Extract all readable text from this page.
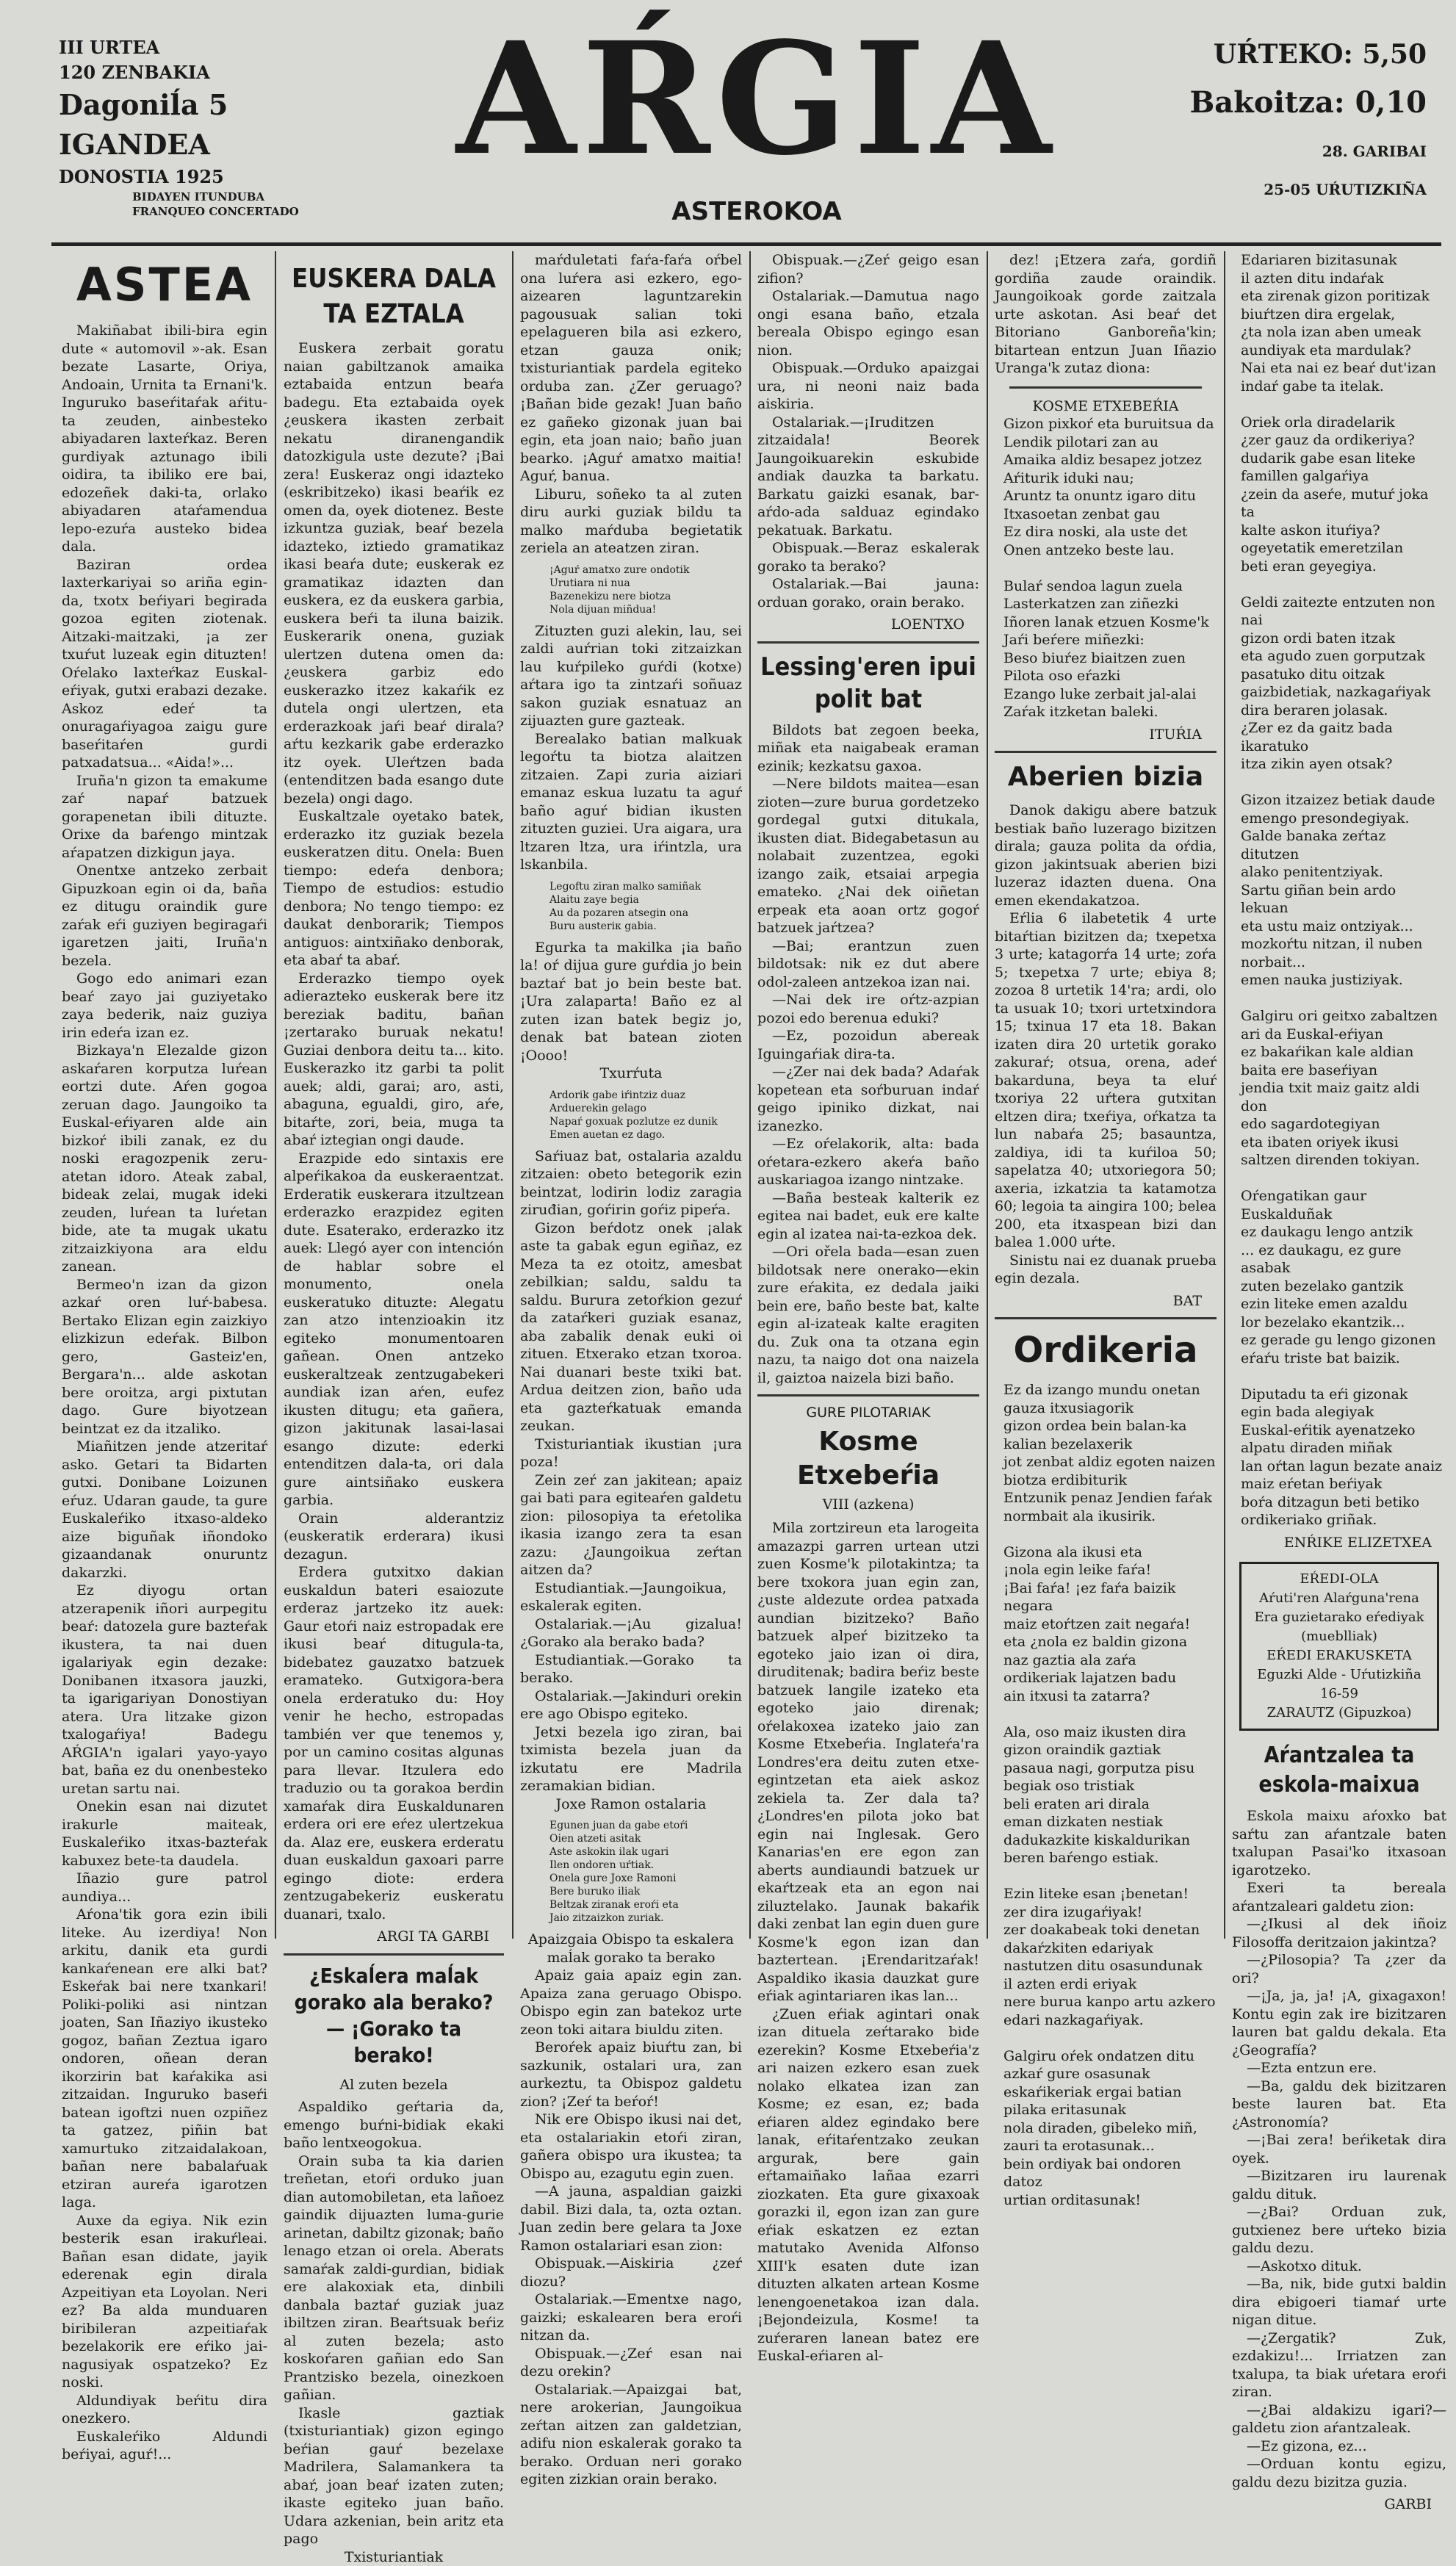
III URTEA
120 ZENBAKIA
Dagoniĺa 5
IGANDEA
DONOSTIA 1925
BIDAYEN ITUNDUBA
FRANQUEO CONCERTADO
AŔGIA
ASTEROKOA
UŔTEKO: 5,50
Bakoitza: 0,10
28. GARIBAI
25-05 UŔUTIZKIÑA
ASTEA

Makiñabat ibili-bira egin dute « automovil »-ak. Esan bezate Lasarte, Oriya, Andoain, Urnita ta Ernani'k. Inguruko baseŕitaŕak aŕitu-ta zeuden, ainbesteko abiyadaren laxteŕkaz. Beren gurdiyak aztunago ibili oidira, ta ibiliko ere bai, edozeñek daki-ta, orlako abiyadaren ataŕamendua lepo-ezuŕa austeko bidea dala.

Baziran ordea laxterkariyai so ariña egin-da, txotx beŕiyari begirada gozoa egiten ziotenak. Aitzaki-maitzaki, ¡a zer txuŕut luzeak egin dituzten! Oŕelako laxteŕkaz Euskal-eŕiyak, gutxi erabazi dezake. Askoz edeŕ ta onuragaŕiyagoa zaigu gure baseŕitaŕen gurdi patxadatsua... «Aida!»...

Iruña'n gizon ta emakume zaŕ napaŕ batzuek gorapenetan ibili dituzte. Orixe da baŕengo mintzak aŕapatzen dizkigun jaya.

Onentxe antzeko zerbait Gipuzkoan egin oi da, baña ez ditugu oraindik gure zaŕak eŕi guziyen begiragaŕi igaretzen jaiti, Iruña'n bezela.

Gogo edo animari ezan beaŕ zayo jai guziyetako zaya bederik, naiz guziya irin edeŕa izan ez.

Bizkaya'n Elezalde gizon askaŕaren korputza luŕean eortzi dute. Aŕen gogoa zeruan dago. Jaungoiko ta Euskal-eŕiyaren alde ain bizkoŕ ibili zanak, ez du noski eragozpenik zeru-atetan idoro. Ateak zabal, bideak zelai, mugak ideki zeuden, luŕean ta luŕetan bide, ate ta mugak ukatu zitzaizkiyona ara eldu zanean.

Bermeo'n izan da gizon azkaŕ oren luŕ-babesa. Bertako Elizan egin zaizkiyo elizkizun edeŕak. Bilbon gero, Gasteiz'en, Bergara'n... alde askotan bere oroitza, argi pixtutan dago. Gure biyotzean beintzat ez da itzaliko.

Miañitzen jende atzeritaŕ asko. Getari ta Bidarten gutxi. Donibane Loizunen eŕuz. Udaran gaude, ta gure Euskaleŕiko itxaso-aldeko aize biguñak iñondoko gizaandanak onuruntz dakarzki.

Ez diyogu ortan atzerapenik iñori aurpegitu beaŕ: datozela gure bazteŕak ikustera, ta nai duen igalariyak egin dezake: Donibanen itxasora jauzki, ta igarigariyan Donostiyan atera. Ura litzake gizon txalogaŕiya! Badegu AŔGIA'n igalari yayo-yayo bat, baña ez du onenbesteko uretan sartu nai.

Onekin esan nai dizutet irakurle maiteak, Euskaleŕiko itxas-bazteŕak kabuxez betе-ta daudela.

Iñazio gure patrol aundiya...

Aŕona'tik gora ezin ibili liteke. Au izerdiya! Non arkitu, danik eta gurdi kankaŕenean ere alki bat? Eskeŕak bai nere txankari! Poliki-poliki asi nintzan joaten, San Iñaziyo ikusteko gogoz, bañan Zeztua igaro ondoren, oñean deran ikorzirin bat kaŕakika asi zitzaidan. Inguruko baseŕi batean igoftzi nuen ozpiñez ta gatzez, piñin bat xamurtuko zitzaidalakoan, bañan nere babalaŕuak etziran aureŕa igarotzen laga.

Auxe da egiya. Nik ezin besterik esan irakuŕleai. Bañan esan didate, jayik ederenak egin dirala Azpeitiyan eta Loyolan. Neri ez? Ba alda munduaren biribileran azpeitiaŕak bezelakorik ere eŕiko jai-nagusiyak ospatzeko? Ez noski.

Aldundiyak beŕitu dira onezkero.

Euskaleŕiko Aldundi beŕiyai, aguŕ!...

EUSKERA DALA TA EZTALA

Euskera zerbait goratu naian gabiltzanok amaika eztabaida entzun beaŕa badegu. Eta eztabaida oyek ¿euskera ikasten zerbait nekatu diranengandik datozkigula uste dezute? ¡Bai zera! Euskeraz ongi idazteko (eskribitzeko) ikasi beaŕik ez omen da, oyek diotenez. Beste izkuntza guziak, beaŕ bezela idazteko, iztiedo gramatikaz ikasi beaŕa dute; euskerak ez gramatikaz idazten dan euskera, ez da euskera garbia, euskera beŕi ta iluna baizik. Euskerarik onena, guziak ulertzen dutena omen da: ¿euskera garbiz edo euskerazko itzez kakaŕik ez dutela ongi ulertzen, eta erderazkoak jaŕi beaŕ dirala? aŕtu kezkarik gabe erderazko itz oyek. Uleŕtzen bada (entenditzen bada esango dute bezela) ongi dago.

Euskaltzale oyetako batek, erderazko itz guziak bezela euskeratzen ditu. Onela: Buen tiempo: edeŕa denbora; Tiempo de estudios: estudio denbora; No tengo tiempo: ez daukat denborarik; Tiempos antiguos: aintxiñako denborak, eta abaŕ ta abaŕ.

Erderazko tiempo oyek adierazteko euskerak bere itz berezіak baditu, bañan ¡zertarako buruak nekatu! Guziai denbora deitu ta... kito. Euskerazko itz garbi ta polit auek; aldi, garai; aro, asti, abaguna, egualdi, giro, aŕe, bitaŕte, zori, beia, muga ta abaŕ iztegian ongi daude.

Erazpide edo sintaxis ere alpeŕikakoa da euskeraentzat. Erderatik euskerara itzultzean erderazko erazpidez egiten dute. Esaterako, erderazko itz auek: Llegó ayer con intención de hablar sobre el monumento, onela euskeratuko dituzte: Alegatu zan atzo intenzioakin itz egiteko monumentoaren gañean. Onen antzeko euskeraltzeak zentzugabekeri aundiak izan aŕen, eufez ikusten ditugu; eta gañera, gizon jakitunak lasai-lasai esango dizute: ederki entenditzen dala-ta, ori dala gure aintsiñako euskera garbia.

Orain alderantziz (euskeratik erderara) ikusi dezagun.

Erdera gutxitxo dakian euskaldun bateri esaiozute erderaz jartzeko itz auek: Gaur etoŕi naiz estropadak ere ikusi beaŕ ditugula-ta, bidebatez gauzatxo batzuek eramateko. Gutxigora-bera onela erderatuko du: Hoy venir he hecho, estropadas también ver que tenemos y, por un camino cositas algunas para llevar. Itzulera edo traduzio ou ta gorakoa berdin xamaŕak dira Euskaldunaren erdera ori ere eŕez ulertzekua da. Alaz ere, euskera erderatu duan euskaldun gaxoari parre egingo diote: erdera zentzugabekeriz euskeratu duanari, txalo.

ARGI TA GARBI
¿Eskaĺera maĺak gorako ala berako? — ¡Gorako ta berako!
Al zuten bezela

Aspaldiko geŕtaria da, emengo buŕni-bidiak ekaki baño lentxeogokua.

Orain suba ta kia darien treñetan, etoŕi orduko juan dian automobiletan, eta lañoez gaindik dijuazten luma-gurie arinetan, dabiltz gizonak; baño lenago etzan oi orela. Aberats samaŕak zaldi-gurdian, bidiak ere alakoxiak eta, dinbili danbala baztaŕ guziak juaz ibiltzen ziran. Beaŕtsuak beŕiz al zuten bezela; asto koskoŕaren gañian edo San Prantzisko bezela, oinezkoen gañian.

Ikasle gaztiak (txisturiantiak) gizon egingo beŕian gauŕ bezelaxe Madrilera, Salamankera ta abaŕ, joan beaŕ izaten zuten; ikaste egiteko juan baño. Udara azkenian, bein aritz eta pago

Txisturiantiak

maŕduletati faŕa-faŕa oŕbel ona luŕera asi ezkero, ego-aizearen laguntzarekin pagousuak salian toki epelagueren bila asi ezkero, etzan gauza onik; txisturiantiak pardela egiteko orduba zan. ¿Zer geruago? ¡Bañan bide gezak! Juan baño ez gañeko gizonak juan bai egin, eta joan naio; baño juan bearko. ¡Aguŕ amatxo maitia! Aguŕ, banua.

Liburu, soñeko ta al zuten diru aurki guziak bildu ta malko maŕduba begietatik zeriela an ateatzen ziran.

¡Aguŕ amatxo zure ondotik
Urutiara ni nua
Bazenekizu nere biotza
Nola dijuan miñdua!

Zituzten guzi alekin, lau, sei zaldi auŕrian toki zitzaizkan lau kuŕpileko guŕdi (kotxe) aŕtara igo ta zintzaŕi soñuaz sakon guziak esnatuaz an zijuazten gure gazteak.

Berealako batian malkuak legoŕtu ta biotza alaitzen zitzaien. Zapi zuria aiziari emanaz eskua luzatu ta aguŕ baño aguŕ bidian ikusten zituzten guziei. Ura aigara, ura ltzaren ltza, ura iŕintzla, ura lskanbila.

Legoftu ziran malko samiñak
Alaitu zaye begia
Au da pozaren atsegin ona
Buru austeriк gabia.

Egurka ta makilka ¡ia baño la! oŕ dijua gure guŕdia jo bein baztaŕ bat jo bein beste bat. ¡Ura zalaparta! Baño ez al zuten izan batek begiz jo, denak bat batean zioten ¡Oooo!

Txurŕuta
Ardorik gabe iŕintziz duaz
Arduerekin gelago
Napaŕ goxuak pozlutze ez dunik
Emen auetan ez dago.

Saŕiuaz bat, ostalaria azaldu zitzaien: obeto betegorik ezin beintzat, lodirin lodiz zaragia ziruđian, goŕirin goŕiz pipeŕa.

Gizon beŕdotz onek ¡alak aste ta gabak egun egiñaz, ez Meza ta ez otoitz, amesbat zebilkian; saldu, saldu ta saldu. Burura zetoŕkion gezuŕ da zataŕkeri guziak esanaz, aba zabalik denak euki oi zituen. Etxerako etzan txoroa. Nai duanari beste txiki bat. Ardua deitzen zion, baño uda eta gazteŕkatuak emanda zeukan.

Txisturiantiak ikustian ¡ura poza!

Zein zeŕ zan jakitean; apaiz gai bati para egiteaŕen galdetu zion: pilosopiya ta eŕetolika ikasia izango zera ta esan zazu: ¿Jaungoikua zeŕtan aitzen da?

Estudiantiak.—Jaungoikua, eskalerak egiten.

Ostalariak.—¡Au gizalua! ¿Gorako ala berako bada?

Estudiantiak.—Gorako ta berako.

Ostalariak.—Jakinduri orekin ere ago Obispo egiteko.

Jetxi bezela igo ziran, bai tximista bezela juan da izkutatu ere Madrila zeramakian bidian.

Joxe Ramon ostalaria
Egunen juan da gabe etoŕi
Oien atzeti asitak
Aste askokin ilak ugari
Ilen ondoren uŕtiak.
Onela gure Joxe Ramoni
Bere buruko iliak
Beltzak ziranak eroŕi eta
Jaio zitzaizkon zuriak.
Apaizgaia Obispo ta eskalera maĺak gorako ta berako

Apaiz gaia apaiz egin zan. Apaiza zana geruago Obispo. Obispo egin zan batekoz urte zeon toki aitara biuldu ziten.

Beroŕek apaiz biuŕtu zan, bi sazkunik, ostalari ura, zan aurkeztu, ta Obispoz galdetu zion? ¡Zeŕ ta beŕoŕ!

Nik ere Obispo ikusi nai det, eta ostalariakin etoŕi ziran, gañera obispo ura ikustea; ta Obispo au, ezagutu egin zuen.

—A jauna, aspaldian gaizki dabil. Bizi dala, ta, ozta oztan. Juan zedin bere gelara ta Joxe Ramon ostalariari esan zion:

Obispuak.—Aiskiria ¿zeŕ diozu?

Ostalariak.—Ementxe nago, gaizki; eskalearen bera eroŕi nitzan da.

Obispuak.—¿Zeŕ esan nai dezu orekin?

Ostalariak.—Apaizgai bat, nere arokerian, Jaungoikua zeŕtan aitzen zan galdetzian, adifu nion eskalerak gorako ta berako. Orduan neri gorako egiten zizkian orain berako.

Obispuak.—¿Zeŕ geigo esan zifion?

Ostalariak.—Damutua nago ongi esana baño, etzala bereala Obispo egingo esan nion.

Obispuak.—Orduko apaizgai ura, ni neoni naiz bada aiskiria.

Ostalariak.—¡Iruditzen zitzaidala! Beorek Jaungoikuarekin eskubide andiak dauzka ta barkatu. Barkatu gaizki esanak, bar-aŕdo-ada salduaz egindako pekatuak. Barkatu.

Obispuak.—Beraz eskalerak gorako ta berako?

Ostalariak.—Bai jauna: orduan gorako, orain berako.

LOENTXO
Lessing'eren ipui polit bat

Bildots bat zegoen beeka, miñak eta naigabeak eraman ezinik; kezkatsu gaxoa.

—Nere bildots maitea—esan zioten—zure burua gordetzeko gordegal gutxi ditukala, ikusten diat. Bidegabetasun au nolabait zuzentzea, egoki izango zaik, etsaiai arpegia emateko. ¿Nai dek oiñetan erpeak eta aoan ortz gogoŕ batzuek jaŕtzea?

—Bai; erantzun zuen bildotsak: nik ez dut abere odol-zaleen antzekoa izan nai.

—Nai dek ire oŕtz-azpian pozoi edo berenua eduki?

—Ez, pozoidun abereak Iguingaŕiak dira-ta.

—¿Zer nai dek bada? Adaŕak kopetean eta soŕburuan indaŕ geigo ipiniko dizkat, nai izanezko.

—Ez oŕelakorik, alta: bada oŕetara-ezkero akeŕa baño auskariagoa izango nintzake.

—Baña besteak kalterik ez egitea nai badet, euk ere kalte egin al izatea nai-ta-ezkoa dek.

—Ori ořela bada—esan zuen bildotsak nere onerako—ekin zure eŕakita, ez dedala jaiki bein ere, baño beste bat, kalte egin al-izateak kalte eragiten du. Zuk ona ta otzana egin nazu, ta naigo dot ona naizela il, gaiztoa naizela bizi baño.

GURE PILOTARIAK
Kosme Etxebeŕia
VIII (azkena)

Mila zortzireun eta larogeita amazazpi garren urtean utzi zuen Kosme'k pilotakintza; ta bere txokora juan egin zan, ¿uste aldezute ordea patxada aundian bizitzeko? Baño batzuek alpeŕ bizitzeko ta egoteko jaio izan oi dira, diruditenak; badira beŕiz beste batzuek langile izateko eta egoteko jaio direnak; oŕelakoxea izateko jaio zan Kosme Etxebeŕia. Inglateŕa'ra Londres'era deitu zuten etxe-egintzetan eta aiek askoz zekiela ta. Zer dala ta? ¿Londres'en pilota joko bat egin nai Inglesak. Gero Kanarias'en ere egon zan aberts aundiaundi batzuek ur ekaŕtzeak eta an egon nai ziluztelako. Jaunak bakaŕik daki zenbat lan egin duen gure Kosme'k egon izan dan baztertean. ¡Erendaritzaŕak! Aspaldiko ikasia dauzkat gure eŕiak agintariaren ikas lan...

¿Zuen eŕiak agintari onak izan dituela zeŕtarako bide ezerekin? Kosme Etxebeŕia'z ari naizen ezkero esan zuek nolako elkatea izan zan Kosme; ez esan, ez; bada eŕiaren aldez egindako bere lanak, eŕitaŕentzako zeukan argurak, bere gain eŕtamaiñako lañaa ezarri ziozkaten. Eta gure gixaxoak gorazki il, egon izan zan gure eŕiak eskatzen ez eztan matutako Avenida Alfonso XIII'k esaten dute izan dituzten alkaten artean Kosme lenengoenetakoa izan dala. ¡Bejondeizula, Kosme! ta zuŕeraren lanean batez ere Euskal-eŕiaren al-

dez! ¡Etzera zaŕa, gordiñ gordiña zaude oraindik. Jaungoikoak gorde zaitzala urte askotan. Asi beaŕ det Bitoriano Ganboreña'kin; bitartean entzun Juan Iñazio Uranga'k zutaz diona:

KOSME ETXEBEŔIA
Gizon pixkoŕ eta buruitsua da
Lendik pilotari zan au
Amaika aldiz besapez jotzez
Aŕiturik iduki nau;
Aruntz ta onuntz igaro ditu
Itxasoetan zenbat gau
Ez dira noski, ala uste det
Onen antzeko beste lau.

Bulaŕ sendoa lagun zuela
Lasterkatzen zan ziñezki
Iñoren lanak etzuen Kosme'k
Jaŕi beŕere miñezki:
Beso biuŕez biaitzen zuen
Pilota oso eŕazki
Ezango luke zerbait jal-alai
Zaŕak itzketan baleki.
ITUŔIA
Aberien bizia

Danok dakigu abere batzuk bestiak baño luzerago bizitzen dirala; gauza polita da oŕdia, gizon jakintsuak aberien bizi luzeraz idazten duena. Ona emen ekendakatzoa.

Eŕlia 6 ilabetetik 4 urte bitaŕtian bizitzen da; txepetxa 3 urte; katagorŕa 14 urte; zoŕa 5; txepetxa 7 urte; ebiyа 8; zozoa 8 urtetik 14'ra; ardi, olo ta usuak 10; txori urtetxindora 15; txinua 17 eta 18. Bakan izaten dira 20 urtetik gorako zakuraŕ; otsua, orena, adeŕ bakarduna, beya ta eluŕ txoriya 22 uŕtera gutxitan eltzen dira; txeŕiya, oŕkatza ta lun nabaŕa 25; basauntza, zaldiya, idi ta kuŕiloa 50; sapelatza 40; utxoriegora 50; axeria, izkatzia ta katamotza 60; legoia ta aingira 100; belea 200, eta itxaspean bizi dan balea 1.000 uŕte.

Sinistu nai ez duanak prueba egin dezala.

BAT
Ordikeria
Ez da izango mundu onetan
gauza itxusiagorik
gizon ordea bein balan-ka
kalian bezelaxerik
jot zenbat aldiz egoten naizen
biotza erdibiturik
Entzunik penaz Jendien faŕak
normbait ala ikusirik.

Gizona ala ikusi eta
¡nola egin leike faŕa!
¡Bai faŕa! ¡ez faŕa baizik negara
maiz etoŕtzen zait negaŕa!
eta ¿nola ez baldin gizona
naz gaztia ala zaŕa
ordikeriak lajatzen badu
ain itxusi ta zatarra?

Ala, oso maiz ikusten dira
gizon oraindik gaztiak
pasaua nagi, gorputza pisu
begiak oso tristiak
beli eraten ari dirala
eman dizkaten nestiak
dadukazkite kiskaldurikan
beren baŕengo estiak.

Ezin liteke esan ¡benetan!
zer dira izugaŕiyak!
zer doakabeak toki denetan
dakaŕzkiten edariyak
nastutzen ditu osasundunak
il azten erdi eriyak
nere burua kanpo artu azkero
edari nazkagaŕiyak.

Galgiru oŕek ondatzen ditu
azkaŕ gure osasunak
eskaŕikeriak ergai batian
pilaka eritasunak
nola diraden, gibeleko miñ,
zauri ta erotasunak...
bein ordiyak bai ondoren datoz
urtian orditasunak!
Edariaren bizitasunak
il azten ditu indaŕak
eta zirenak gizon poritizak
biuŕtzen dira ergelak,
¿ta nola izan aben umeak
aundiyak eta mardulak?
Nai eta nai ez beaŕ dut'izan
indaŕ gabe ta itelak.

Oriek orla diradelarik
¿zer gauz da ordikeriya?
dudarik gabe esan liteke
famillen galgaŕiya
¿zein da aseŕe, mutuŕ joka ta
kalte askon ituŕiya?
ogeyetatik emeretzilan
beti eran geyegiya.

Geldi zaitezte entzuten non nai
gizon ordi baten itzak
eta agudo zuen gorputzak
pasatuko ditu oitzak
gaizbidetiak, nazkagaŕiyak
dira beraren jolasak.
¿Zer ez da gaitz bada ikaratuko
itza zikin ayen otsak?

Gizon itzaizez betiak daude
emengo presondegiyak.
Galde banaka zeŕtaz ditutzen
alako penitentziyak.
Sartu giñan bein ardo lekuan
eta ustu maiz ontziyak...
mozkoŕtu nitzan, il nuben norbait...
emen nauka justiziyak.

Galgiru ori geitxo zabaltzen
ari da Euskal-eŕiyan
ez bakaŕikan kale aldian
baita ere baseŕiyan
jendia txit maiz gaitz aldi don
edo sagardotegiyan
eta ibaten oriyek ikusi
saltzen direnden tokiyan.

Oŕengatikan gaur Euskalduñak
ez daukagu lengo antzik
... ez daukagu, ez gure asabak
zuten bezelako gantzik
ezin liteke emen azaldu
lor bezelako ekantzik...
ez gerade gu lengo gizonen
eŕaŕu triste bat baizik.

Diputadu ta eŕi gizonak
egin bada alegiyak
Euskal-eŕitik ayenatzeko
alpatu diraden miñak
lan oŕtan lagun bezate anaiz
maiz eŕetan beŕiyak
boŕa ditzagun beti betiko
ordikeriako griñak.
ENŔIKE ELIZETXEA
EŔEDI-OLA
Aŕuti'ren Alaŕguna'rena
Era guzietarako eŕediyak (mueblliak)
EŔEDI ERAKUSKETA
Eguzki Alde - Uŕutizkiña 16-59
ZARAUTZ (Gipuzkoa)
Aŕantzalea ta eskola-maixua

Eskola maixu aŕoxko bat saŕtu zan aŕantzale baten txalupan Pasai'ko itxasoan igarotzeko.

Exeri ta bereala aŕantzaleari galdetu zion:

—¿Ikusi al dek iñoiz Filosoffa deritzaion jakintza?

—¿Pilosopia? Ta ¿zer da ori?

—¡Ja, ja, ja! ¡A, gixagaxon! Kontu egin zak ire bizitzaren lauren bat galdu dekala. Eta ¿Geografía?

—Ezta entzun ere.

—Bа, galdu dek bizitzaren beste lauren bat. Eta ¿Astronomía?

—¡Bai zera! beŕiketak dira oyek.

—Bizitzaren iru laurenak galdu dituk.

—¿Bai? Orduan zuk, gutxienez bere uŕteko bizia galdu dezu.

—Askotxo dituk.

—Ba, nik, bide gutxi baldin dira ebigoeri tiamaŕ urte nigan ditue.

—¿Zergatik? Zuk, ezdakizu!... Irriatzen zan txalupa, ta biak uŕetara eroŕi ziran.

—¿Bai aldakizu igari?—galdetu zion aŕantzaleak.

—Ez gizona, ez...

—Orduan kontu egizu, galdu dezu bizitza guzia.

GARBI
